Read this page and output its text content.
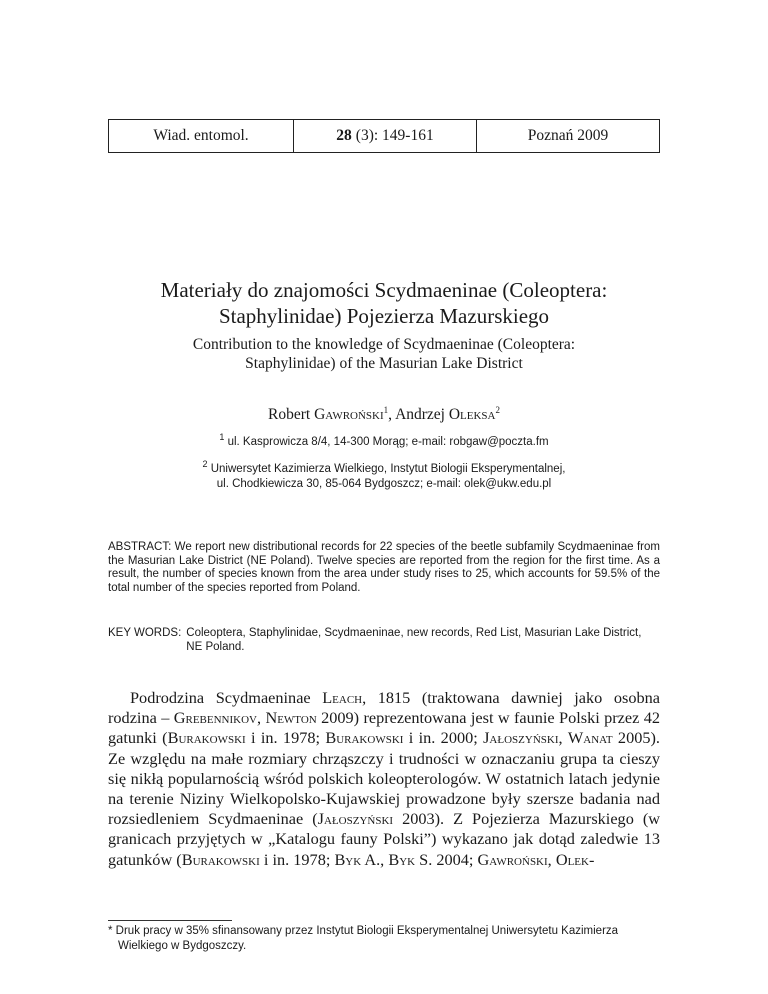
Wiad. entomol.	28 (3): 149-161	Poznań 2009
Materiały do znajomości Scydmaeninae (Coleoptera:
Staphylinidae) Pojezierza Mazurskiego
Contribution to the knowledge of Scydmaeninae (Coleoptera:
Staphylinidae) of the Masurian Lake District
Robert Gawroński$^1$, Andrzej Oleksa$^2$
$^1$ ul. Kasprowicza 8/4, 14-300 Morąg; e-mail: robgaw@poczta.fm
$^2$ Uniwersytet Kazimierza Wielkiego, Instytut Biologii Eksperymentalnej,
ul. Chodkiewicza 30, 85-064 Bydgoszcz; e-mail: olek@ukw.edu.pl

ABSTRACT: We report new distributional records for 22 species of the beetle subfamily Scydmaeninae from the Masurian Lake District (NE Poland). Twelve species are reported from the region for the first time. As a result, the number of species known from the area under study rises to 25, which accounts for 59.5% of the total number of the species reported from Poland.

KEY WORDS: Coleoptera, Staphylinidae, Scydmaeninae, new records, Red List, Masurian Lake District, NE Poland.

Podrodzina Scydmaeninae Leach, 1815 (traktowana dawniej jako osobna rodzina – Grebennikov, Newton 2009) reprezentowana jest w faunie Polski przez 42 gatunki (Burakowski i in. 1978; Burakowski i in. 2000; Jałoszyński, Wanat 2005). Ze względu na małe rozmiary chrząszczy i trudności w oznaczaniu grupa ta cieszy się nikłą popularnością wśród polskich koleopterologów. W ostatnich latach jedynie na terenie Niziny Wielkopolsko-Kujawskiej prowadzone były szersze badania nad rozsiedleniem Scydmaeninae (Jałoszyński 2003). Z Pojezierza Mazurskiego (w granicach przyjętych w „Katalogu fauny Polski”) wykazano jak dotąd zaledwie 13 gatunków (Burakowski i in. 1978; Byk A., Byk S. 2004; Gawroński, Olek-

* Druk pracy w 35% sfinansowany przez Instytut Biologii Eksperymentalnej Uniwersytetu Kazimierza Wielkiego w Bydgoszczy.
